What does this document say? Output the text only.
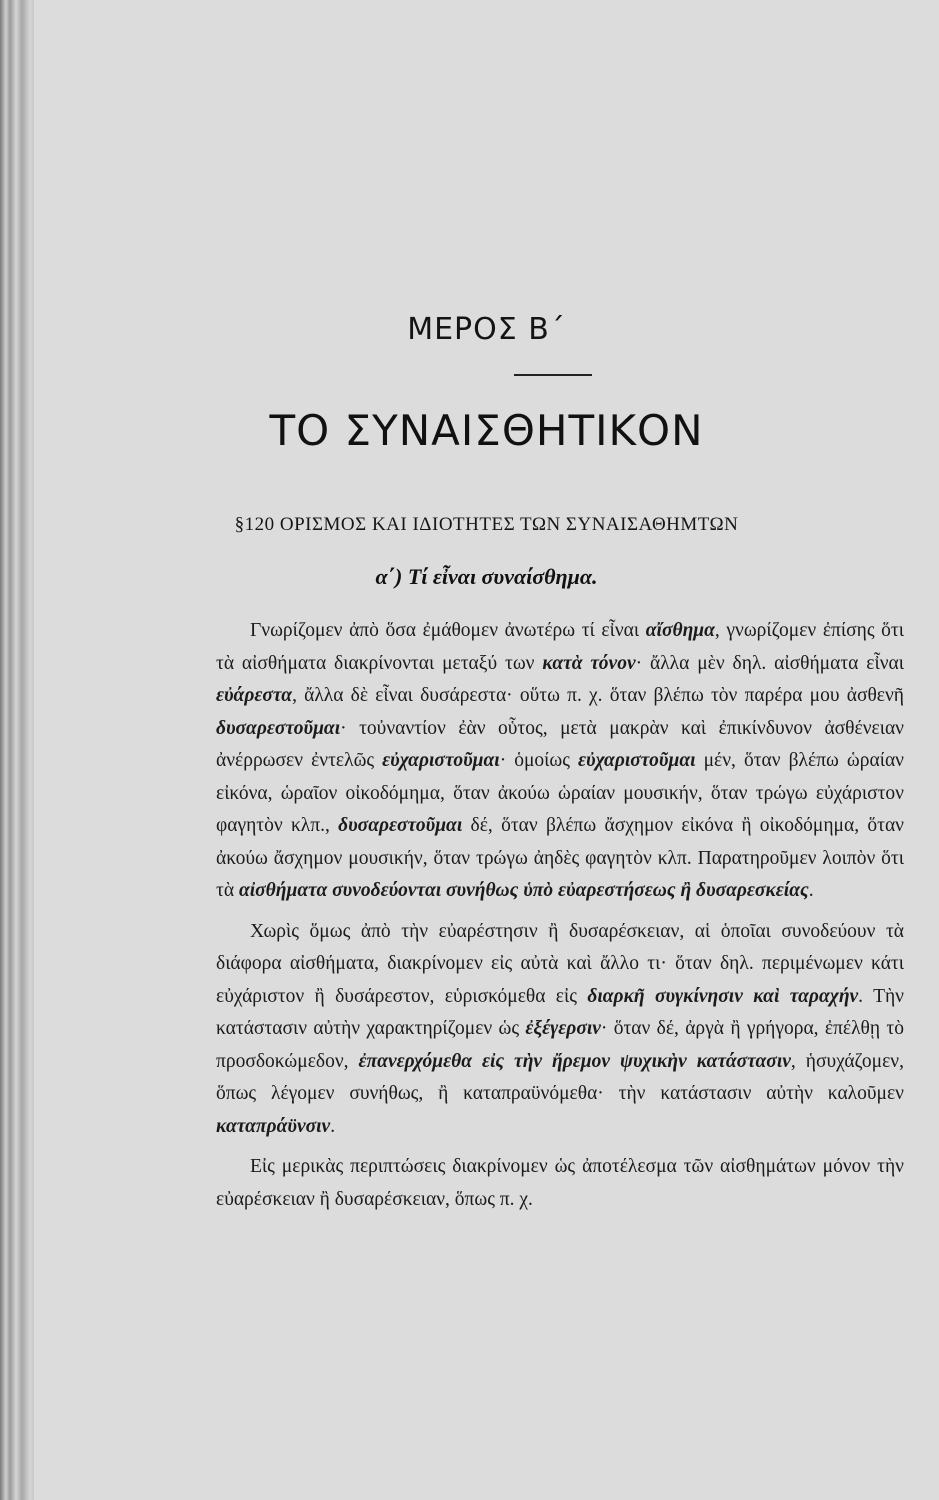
ΜΕΡΟΣ Β΄
ΤΟ ΣΥΝΑΙΣΘΗΤΙΚΟΝ
§120 ΟΡΙΣΜΟΣ ΚΑΙ ΙΔΙΟΤΗΤΕΣ ΤΩΝ ΣΥΝΑΙΣΑΘΗΜΤΩΝ
α΄) Τί εἶναι συναίσθημα.

Γνωρίζομεν ἀπὸ ὅσα ἐμάθομεν ἀνωτέρω τί εἶναι αἴσθημα, γνωρίζομεν ἐπίσης ὅτι τὰ αἰσθήματα διακρίνονται μεταξύ των κατὰ τόνον· ἄλλα μὲν δηλ. αἰσθήματα εἶναι εὐάρεστα, ἄλλα δὲ εἶναι δυσάρεστα· οὕτω π. χ. ὅταν βλέπω τὸν παρέρα μου ἀσθενῆ δυσαρεστοῦμαι· τοὐναντίον ἐὰν οὗτος, μετὰ μακρὰν καὶ ἐπικίνδυνον ἀσθένειαν ἀνέρρωσεν ἐντελῶς εὐχαριστοῦμαι· ὁμοίως εὐχαριστοῦμαι μέν, ὅταν βλέπω ὡραίαν εἰκόνα, ὡραῖον οἰκοδόμημα, ὅταν ἀκούω ὡραίαν μουσικήν, ὅταν τρώγω εὐχάριστον φαγητὸν κλπ., δυσαρεστοῦμαι δέ, ὅταν βλέπω ἄσχημον εἰκόνα ἢ οἰκοδόμημα, ὅταν ἀκούω ἄσχημον μουσικήν, ὅταν τρώγω ἀηδὲς φαγητὸν κλπ. Παρατηροῦμεν λοιπὸν ὅτι τὰ αἰσθήματα συνοδεύονται συνήθως ὑπὸ εὐαρεστήσεως ἢ δυσαρεσκείας.

Χωρὶς ὅμως ἀπὸ τὴν εὐαρέστησιν ἢ δυσαρέσκειαν, αἱ ὁποῖαι συνοδεύουν τὰ διάφορα αἰσθήματα, διακρίνομεν εἰς αὐτὰ καὶ ἄλλο τι· ὅταν δηλ. περιμένωμεν κάτι εὐχάριστον ἢ δυσάρεστον, εὑρισκόμεθα εἰς διαρκῆ συγκίνησιν καὶ ταραχήν. Τὴν κατάστασιν αὐτὴν χαρακτηρίζομεν ὡς ἐξέγερσιν· ὅταν δέ, ἀργὰ ἢ γρήγορα, ἐπέλθῃ τὸ προσδοκώμεδον, ἐπανερχόμεθα εἰς τὴν ἤρεμον ψυχικὴν κατάστασιν, ἡσυχάζομεν, ὅπως λέγομεν συνήθως, ἢ καταπραϋνόμεθα· τὴν κατάστασιν αὐτὴν καλοῦμεν καταπράϋνσιν.

Εἰς μερικὰς περιπτώσεις διακρίνομεν ὡς ἀποτέλεσμα τῶν αἰσθημάτων μόνον τὴν εὐαρέσκειαν ἢ δυσαρέσκειαν, ὅπως π. χ.
